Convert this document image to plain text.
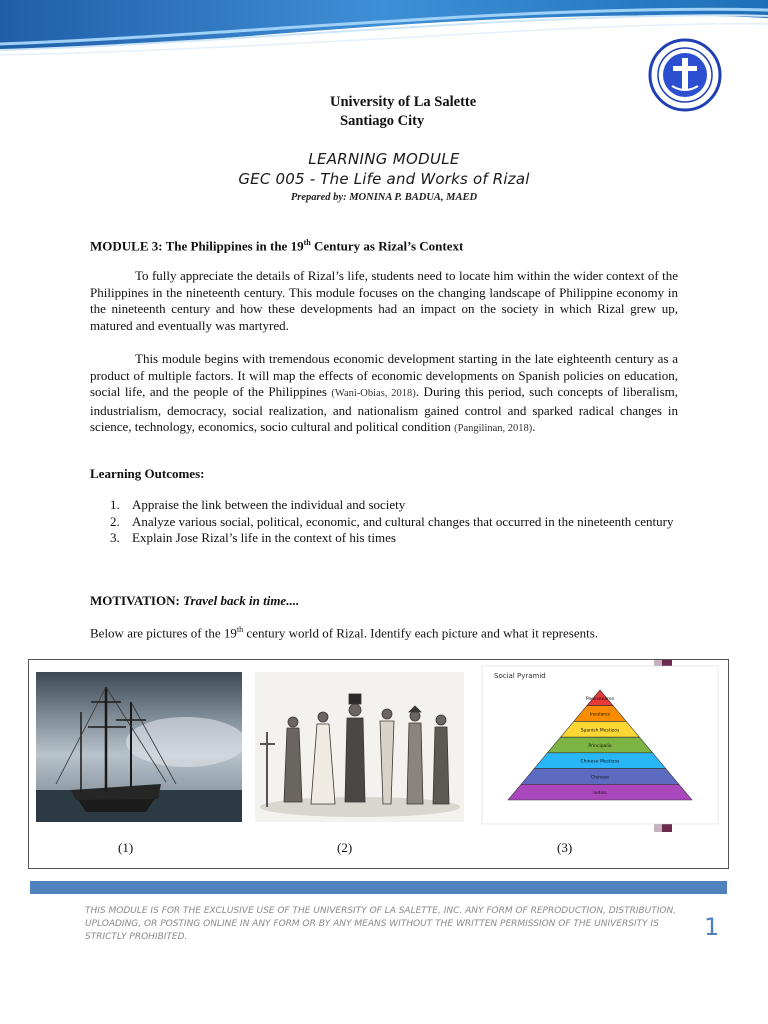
University of La Salette
Santiago City
LEARNING MODULE
GEC 005 - The Life and Works of Rizal
Prepared by: MONINA P. BADUA, MAED
MODULE 3: The Philippines in the 19th Century as Rizal’s Context
To fully appreciate the details of Rizal’s life, students need to locate him within the wider context of the Philippines in the nineteenth century. This module focuses on the changing landscape of Philippine economy in the nineteenth century and how these developments had an impact on the society in which Rizal grew up, matured and eventually was martyred.
This module begins with tremendous economic development starting in the late eighteenth century as a product of multiple factors. It will map the effects of economic developments on Spanish policies on education, social life, and the people of the Philippines (Wani-Obias, 2018). During this period, such concepts of liberalism, industrialism, democracy, social realization, and nationalism gained control and sparked radical changes in science, technology, economics, socio cultural and political condition (Pangilinan, 2018).
Learning Outcomes:
1. Appraise the link between the individual and society
2. Analyze various social, political, economic, and cultural changes that occurred in the nineteenth century
3. Explain Jose Rizal’s life in the context of his times
MOTIVATION: Travel back in time....
Below are pictures of the 19th century world of Rizal. Identify each picture and what it represents.
Social Pyramid
Peninsulares
Insulares
Spanish Mestizos
Principalia
Chinese Mestizos
Chinese
Indios
(1)	(2)	(3)
THIS MODULE IS FOR THE EXCLUSIVE USE OF THE UNIVERSITY OF LA SALETTE, INC. ANY FORM OF REPRODUCTION, DISTRIBUTION, UPLOADING, OR POSTING ONLINE IN ANY FORM OR BY ANY MEANS WITHOUT THE WRITTEN PERMISSION OF THE UNIVERSITY IS STRICTLY PROHIBITED.	1
